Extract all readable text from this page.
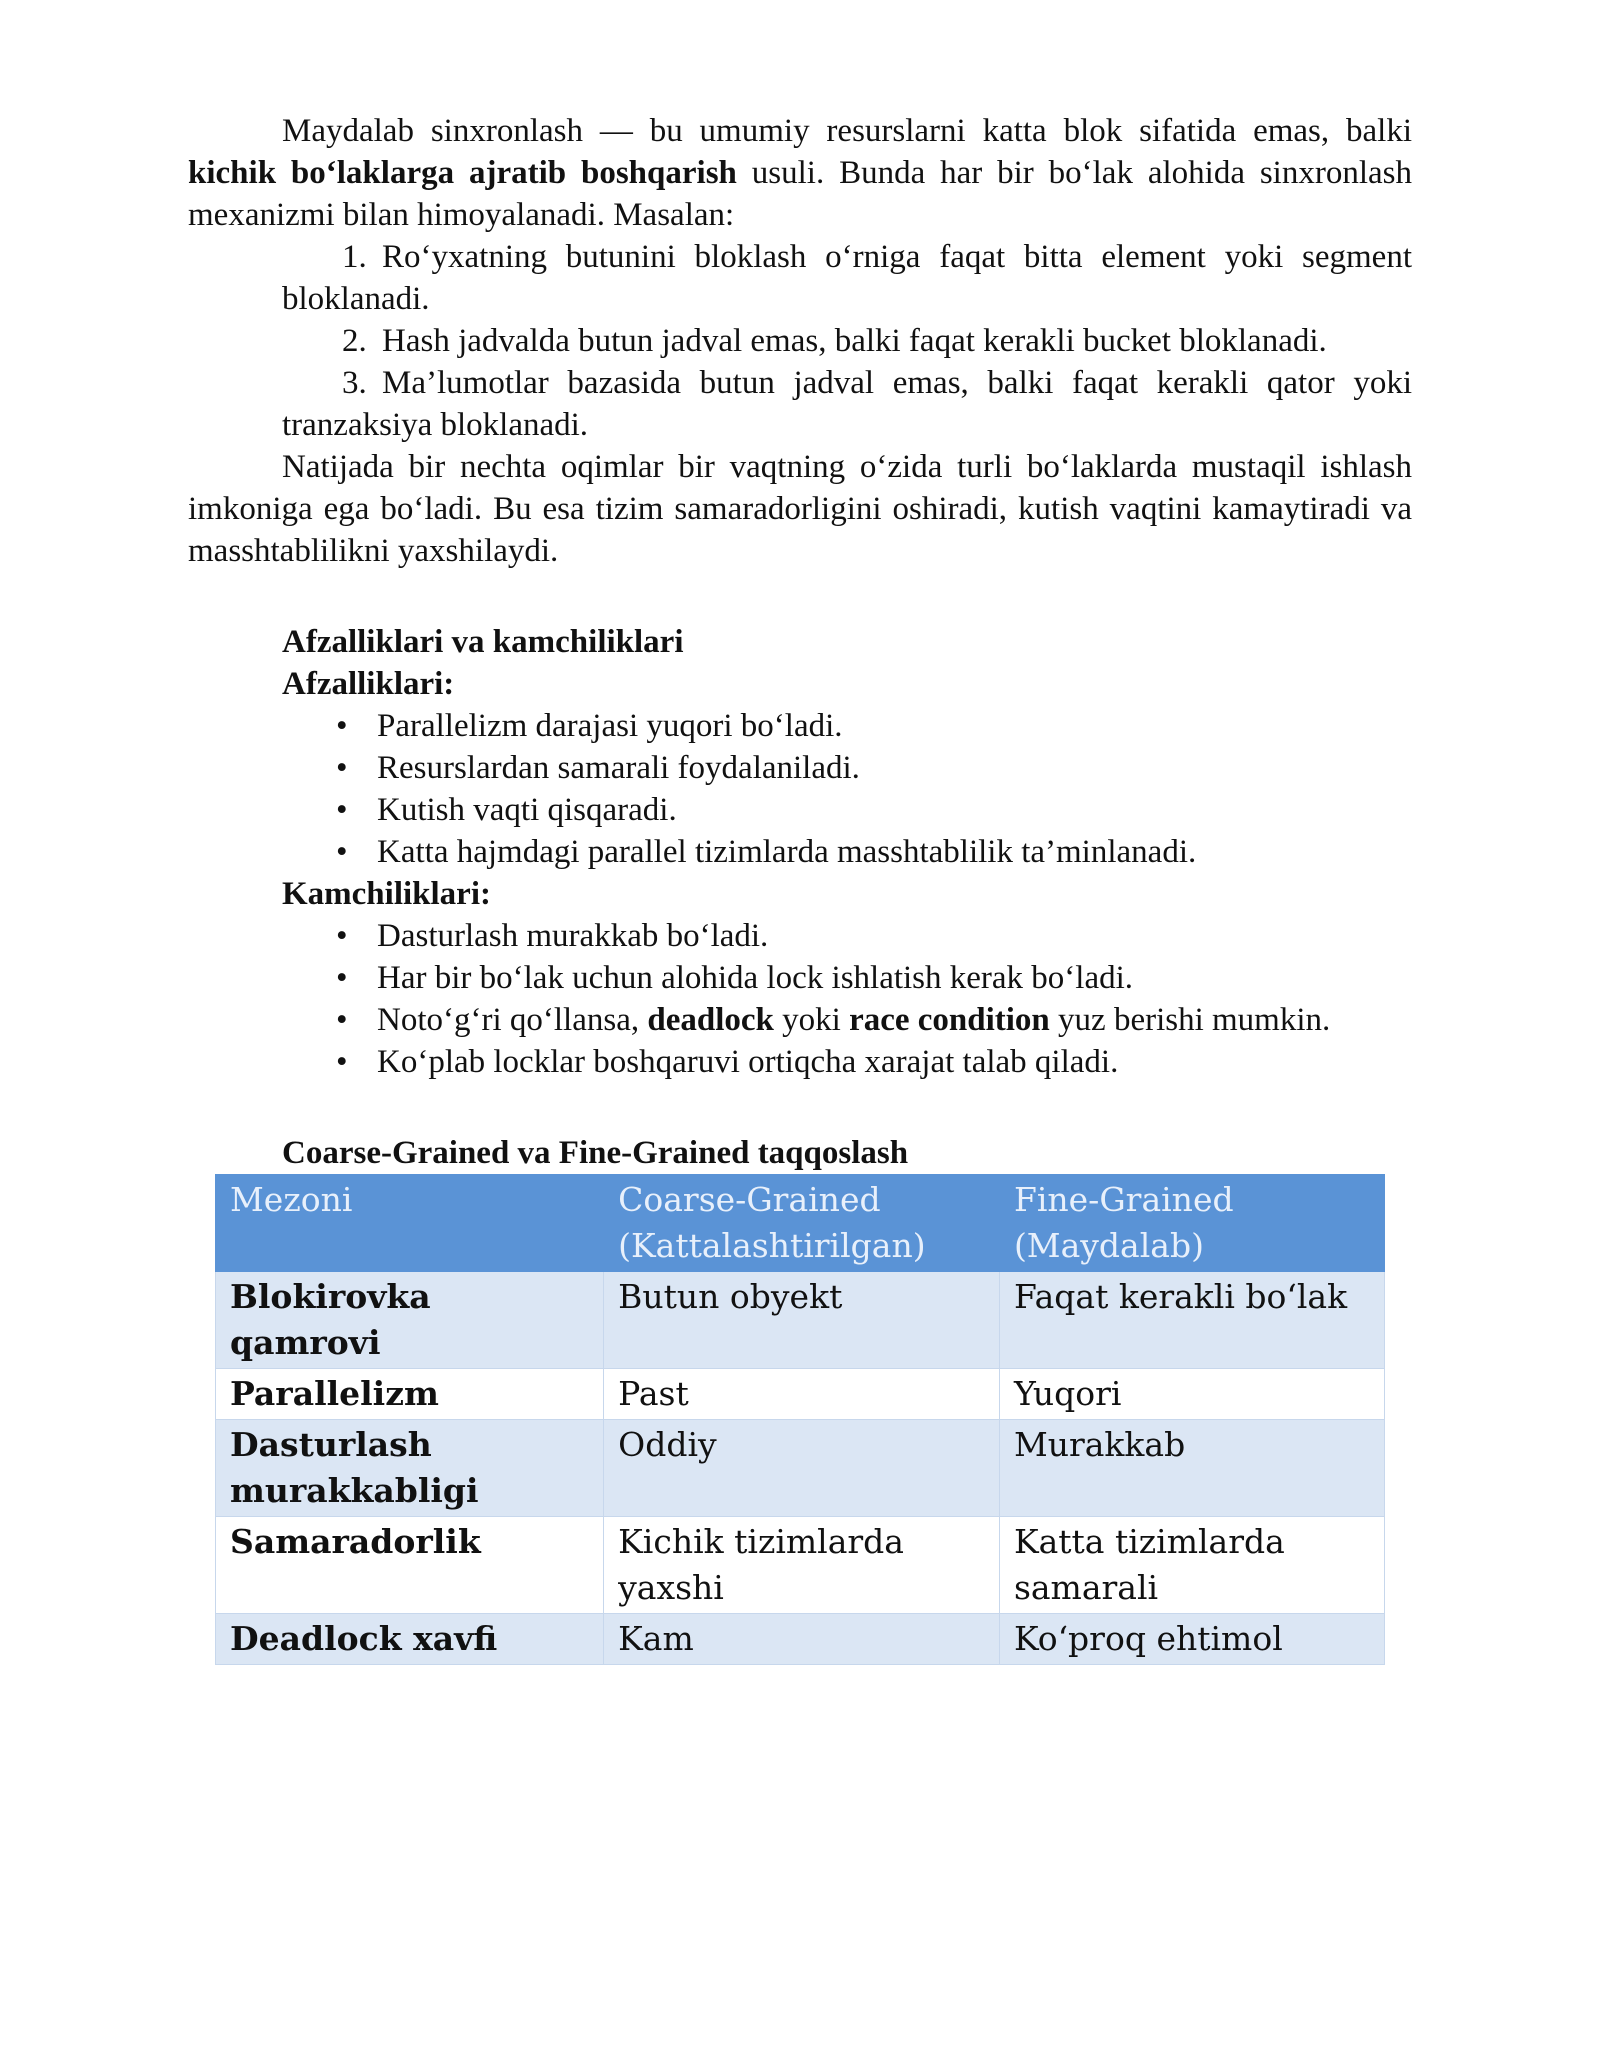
Maydalab sinxronlash — bu umumiy resurslarni katta blok sifatida emas, balki kichik bo‘laklarga ajratib boshqarish usuli. Bunda har bir bo‘lak alohida sinxronlash mexanizmi bilan himoyalanadi. Masalan:

1. Ro‘yxatning butunini bloklash o‘rniga faqat bitta element yoki segment bloklanadi.
2. Hash jadvalda butun jadval emas, balki faqat kerakli bucket bloklanadi.
3. Ma’lumotlar bazasida butun jadval emas, balki faqat kerakli qator yoki tranzaksiya bloklanadi.

Natijada bir nechta oqimlar bir vaqtning o‘zida turli bo‘laklarda mustaqil ishlash imkoniga ega bo‘ladi. Bu esa tizim samaradorligini oshiradi, kutish vaqtini kamaytiradi va masshtablilikni yaxshilaydi.

Afzalliklari va kamchiliklari

Afzalliklari:

• Parallelizm darajasi yuqori bo‘ladi.
• Resurslardan samarali foydalaniladi.
• Kutish vaqti qisqaradi.
• Katta hajmdagi parallel tizimlarda masshtablilik ta’minlanadi.

Kamchiliklari:

• Dasturlash murakkab bo‘ladi.
• Har bir bo‘lak uchun alohida lock ishlatish kerak bo‘ladi.
• Noto‘g‘ri qo‘llansa, deadlock yoki race condition yuz berishi mumkin.
• Ko‘plab locklar boshqaruvi ortiqcha xarajat talab qiladi.

Coarse-Grained va Fine-Grained taqqoslash

Mezoni	Coarse-Grained (Kattalashtirilgan)	Fine-Grained (Maydalab)
Blokirovka qamrovi	Butun obyekt	Faqat kerakli bo‘lak
Parallelizm	Past	Yuqori
Dasturlash murakkabligi	Oddiy	Murakkab
Samaradorlik	Kichik tizimlarda yaxshi	Katta tizimlarda samarali
Deadlock xavfi	Kam	Ko‘proq ehtimol
